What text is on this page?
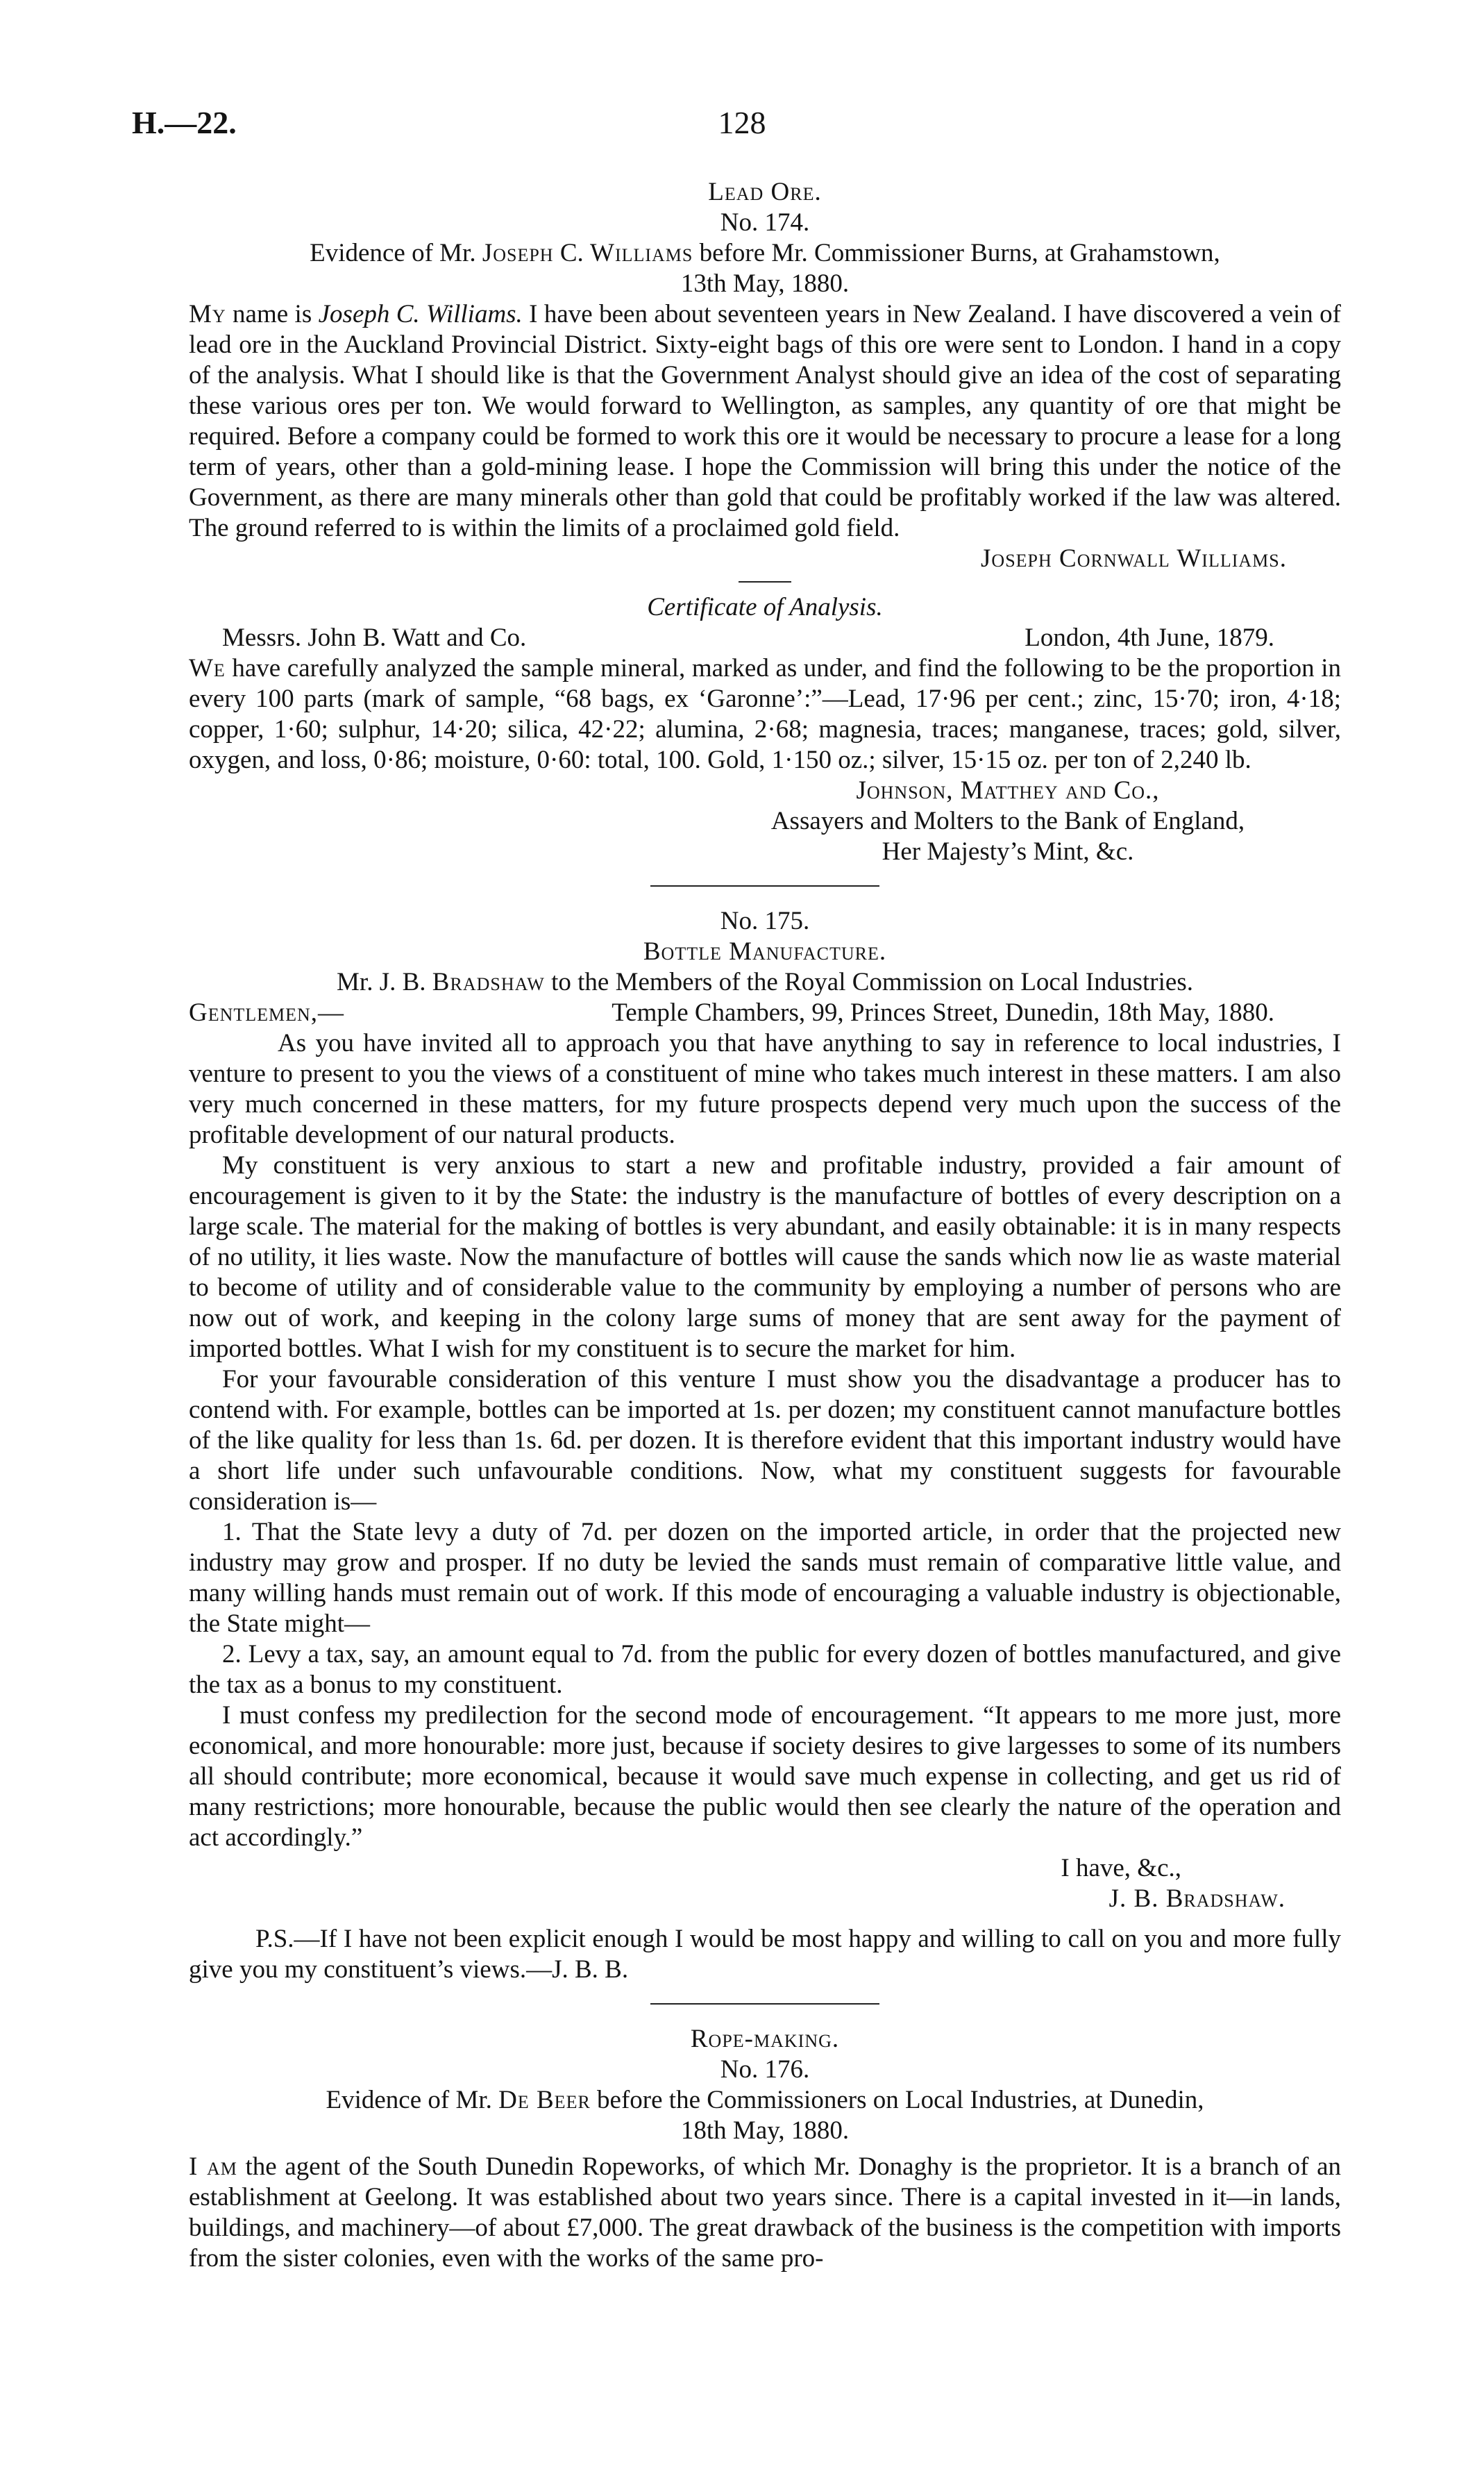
H.—22.	128
Lead Ore.
No. 174.
Evidence of Mr. Joseph C. Williams before Mr. Commissioner Burns, at Grahamstown,
13th May, 1880.

My name is Joseph C. Williams. I have been about seventeen years in New Zealand. I have discovered a vein of lead ore in the Auckland Provincial District. Sixty-eight bags of this ore were sent to London. I hand in a copy of the analysis. What I should like is that the Government Analyst should give an idea of the cost of separating these various ores per ton. We would forward to Wellington, as samples, any quantity of ore that might be required. Before a company could be formed to work this ore it would be necessary to procure a lease for a long term of years, other than a gold-mining lease. I hope the Commission will bring this under the notice of the Government, as there are many minerals other than gold that could be profitably worked if the law was altered. The ground referred to is within the limits of a proclaimed gold field.

Joseph Cornwall Williams.
Certificate of Analysis.
Messrs. John B. Watt and Co.	London, 4th June, 1879.

We have carefully analyzed the sample mineral, marked as under, and find the following to be the proportion in every 100 parts (mark of sample, “68 bags, ex ‘Garonne’:”—Lead, 17·96 per cent.; zinc, 15·70; iron, 4·18; copper, 1·60; sulphur, 14·20; silica, 42·22; alumina, 2·68; magnesia, traces; manganese, traces; gold, silver, oxygen, and loss, 0·86; moisture, 0·60: total, 100. Gold, 1·150 oz.; silver, 15·15 oz. per ton of 2,240 lb.

Johnson, Matthey and Co.,
Assayers and Molters to the Bank of England,
Her Majesty’s Mint, &c.
No. 175.
Bottle Manufacture.
Mr. J. B. Bradshaw to the Members of the Royal Commission on Local Industries.
Gentlemen,—	Temple Chambers, 99, Princes Street, Dunedin, 18th May, 1880.

As you have invited all to approach you that have anything to say in reference to local industries, I venture to present to you the views of a constituent of mine who takes much interest in these matters. I am also very much concerned in these matters, for my future prospects depend very much upon the success of the profitable development of our natural products.

My constituent is very anxious to start a new and profitable industry, provided a fair amount of encouragement is given to it by the State: the industry is the manufacture of bottles of every description on a large scale. The material for the making of bottles is very abundant, and easily obtainable: it is in many respects of no utility, it lies waste. Now the manufacture of bottles will cause the sands which now lie as waste material to become of utility and of considerable value to the community by employing a number of persons who are now out of work, and keeping in the colony large sums of money that are sent away for the payment of imported bottles. What I wish for my constituent is to secure the market for him.

For your favourable consideration of this venture I must show you the disadvantage a producer has to contend with. For example, bottles can be imported at 1s. per dozen; my constituent cannot manufacture bottles of the like quality for less than 1s. 6d. per dozen. It is therefore evident that this important industry would have a short life under such unfavourable conditions. Now, what my constituent suggests for favourable consideration is—

1. That the State levy a duty of 7d. per dozen on the imported article, in order that the projected new industry may grow and prosper. If no duty be levied the sands must remain of comparative little value, and many willing hands must remain out of work. If this mode of encouraging a valuable industry is objectionable, the State might—

2. Levy a tax, say, an amount equal to 7d. from the public for every dozen of bottles manufactured, and give the tax as a bonus to my constituent.

I must confess my predilection for the second mode of encouragement. “It appears to me more just, more economical, and more honourable: more just, because if society desires to give largesses to some of its numbers all should contribute; more economical, because it would save much expense in collecting, and get us rid of many restrictions; more honourable, because the public would then see clearly the nature of the operation and act accordingly.”

I have, &c.,
J. B. Bradshaw.

P.S.—If I have not been explicit enough I would be most happy and willing to call on you and more fully give you my constituent’s views.—J. B. B.

Rope-making.
No. 176.
Evidence of Mr. De Beer before the Commissioners on Local Industries, at Dunedin,
18th May, 1880.

I am the agent of the South Dunedin Ropeworks, of which Mr. Donaghy is the proprietor. It is a branch of an establishment at Geelong. It was established about two years since. There is a capital invested in it—in lands, buildings, and machinery—of about £7,000. The great drawback of the business is the competition with imports from the sister colonies, even with the works of the same pro-
